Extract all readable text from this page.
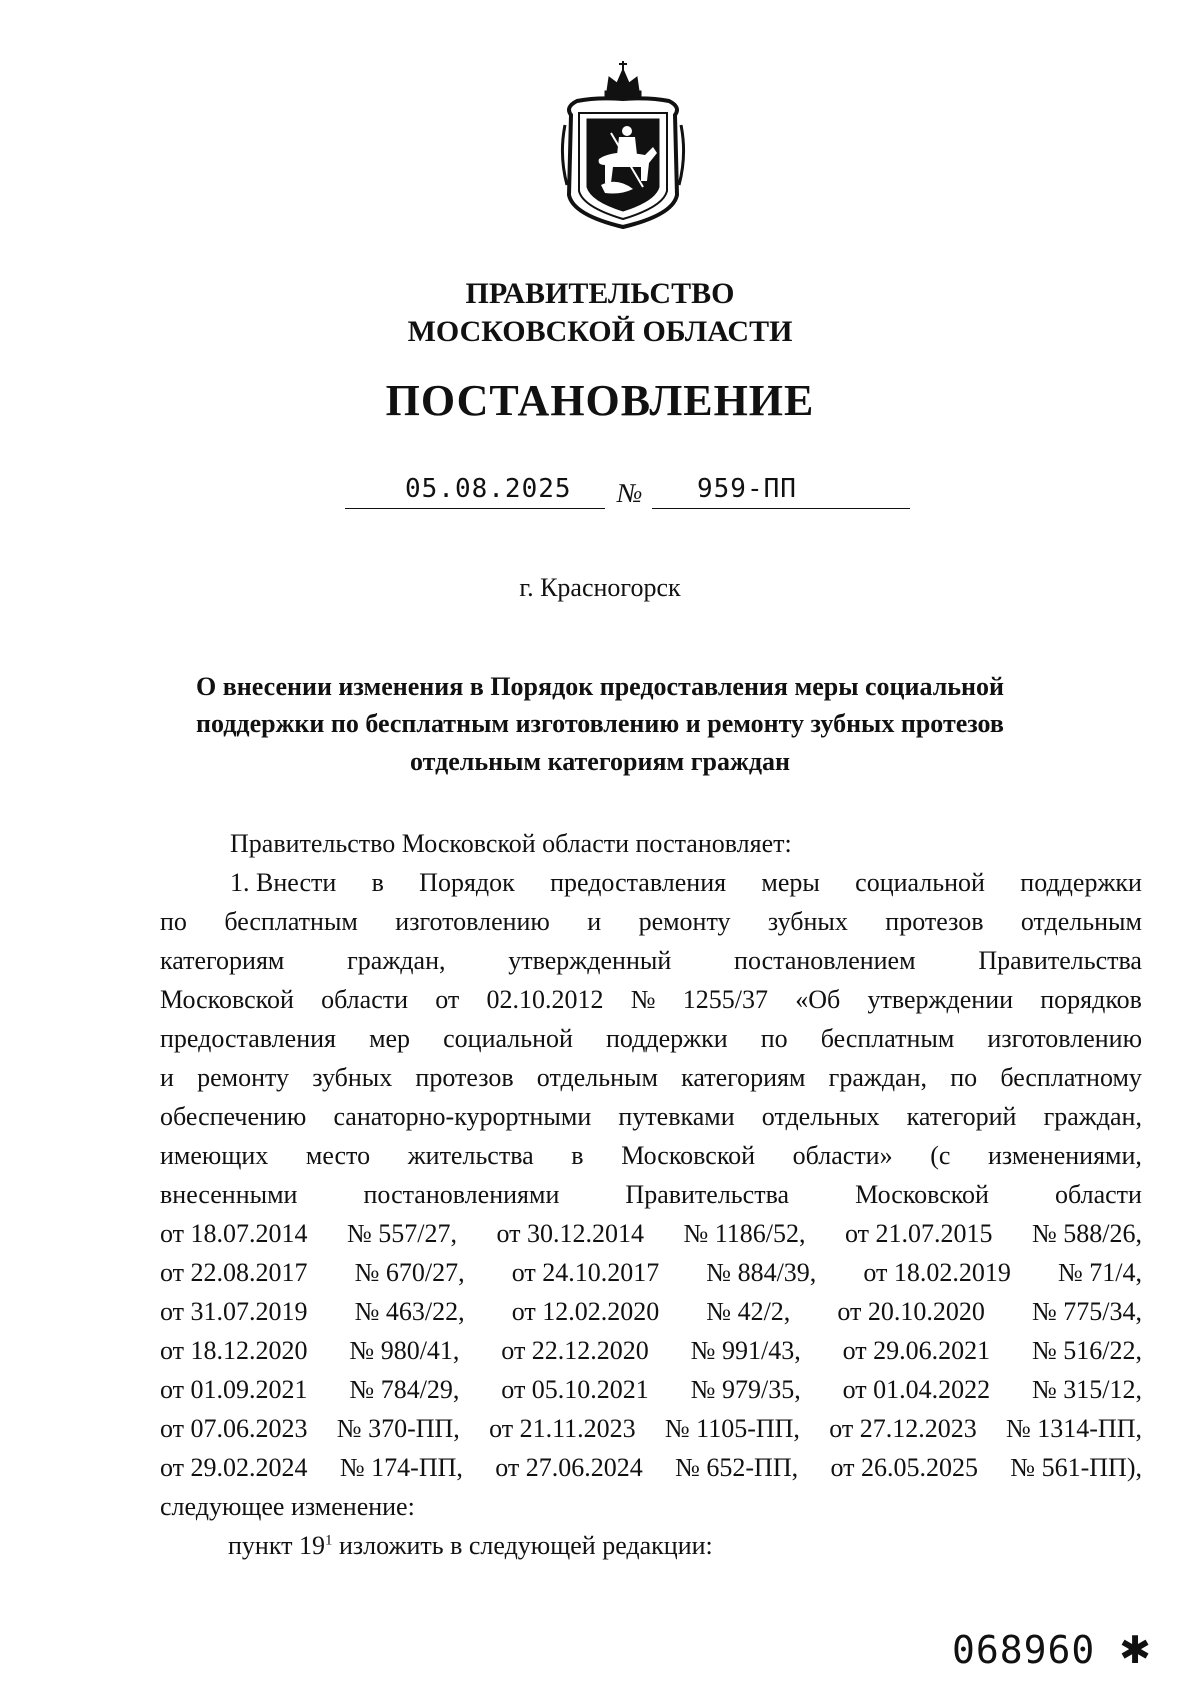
ПРАВИТЕЛЬСТВО
МОСКОВСКОЙ ОБЛАСТИ
ПОСТАНОВЛЕНИЕ
05.08.2025 № 959-ПП
г. Красногорск
О внесении изменения в Порядок предоставления меры социальной
поддержки по бесплатным изготовлению и ремонту зубных протезов
отдельным категориям граждан
Правительство Московской области постановляет:
1. Внести в Порядок предоставления меры социальной поддержки
по бесплатным изготовлению и ремонту зубных протезов отдельным
категориям граждан, утвержденный постановлением Правительства
Московской области от 02.10.2012 № 1255/37 «Об утверждении порядков
предоставления мер социальной поддержки по бесплатным изготовлению
и ремонту зубных протезов отдельным категориям граждан, по бесплатному
обеспечению санаторно-курортными путевками отдельных категорий граждан,
имеющих место жительства в Московской области» (с изменениями,
внесенными	постановлениями	Правительства	Московской	области
от 18.07.2014 № 557/27, от 30.12.2014 № 1186/52, от 21.07.2015 № 588/26,
от 22.08.2017 № 670/27, от 24.10.2017 № 884/39, от 18.02.2019 № 71/4,
от 31.07.2019 № 463/22, от 12.02.2020 № 42/2, от 20.10.2020 № 775/34,
от 18.12.2020 № 980/41, от 22.12.2020 № 991/43, от 29.06.2021 № 516/22,
от 01.09.2021 № 784/29, от 05.10.2021 № 979/35, от 01.04.2022 № 315/12,
от 07.06.2023 № 370-ПП, от 21.11.2023 № 1105-ПП, от 27.12.2023 № 1314-ПП,
от 29.02.2024 № 174-ПП, от 27.06.2024 № 652-ПП, от 26.05.2025 № 561-ПП),
следующее изменение:
пункт $19^1$ изложить в следующей редакции:
068960 ✱
